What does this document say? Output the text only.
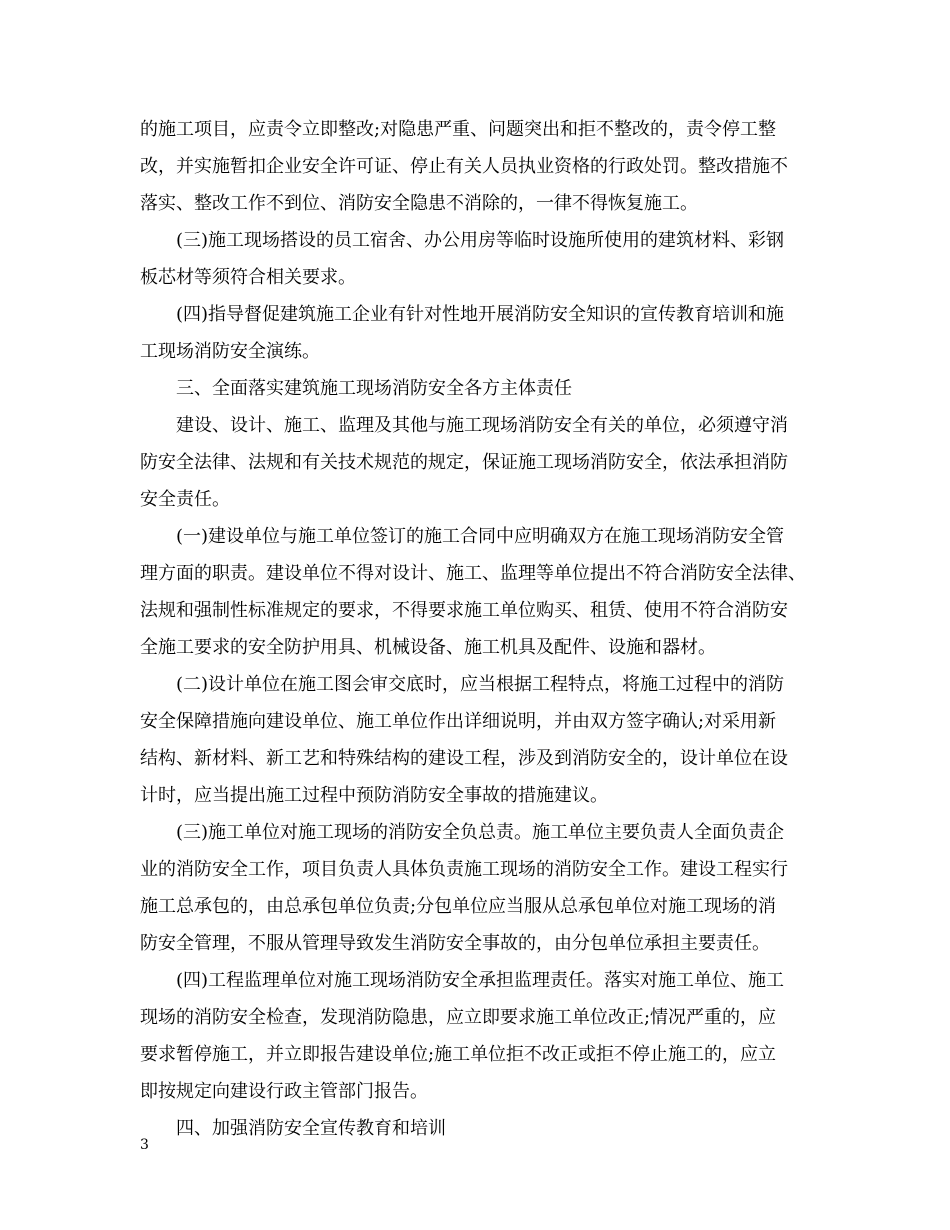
的施工项目，应责令立即整改;对隐患严重、问题突出和拒不整改的，责令停工整
改，并实施暂扣企业安全许可证、停止有关人员执业资格的行政处罚。整改措施不
落实、整改工作不到位、消防安全隐患不消除的，一律不得恢复施工。
(三)施工现场搭设的员工宿舍、办公用房等临时设施所使用的建筑材料、彩钢
板芯材等须符合相关要求。
(四)指导督促建筑施工企业有针对性地开展消防安全知识的宣传教育培训和施
工现场消防安全演练。
三、全面落实建筑施工现场消防安全各方主体责任
建设、设计、施工、监理及其他与施工现场消防安全有关的单位，必须遵守消
防安全法律、法规和有关技术规范的规定，保证施工现场消防安全，依法承担消防
安全责任。
(一)建设单位与施工单位签订的施工合同中应明确双方在施工现场消防安全管
理方面的职责。建设单位不得对设计、施工、监理等单位提出不符合消防安全法律、
法规和强制性标准规定的要求，不得要求施工单位购买、租赁、使用不符合消防安
全施工要求的安全防护用具、机械设备、施工机具及配件、设施和器材。
(二)设计单位在施工图会审交底时，应当根据工程特点，将施工过程中的消防
安全保障措施向建设单位、施工单位作出详细说明，并由双方签字确认;对采用新
结构、新材料、新工艺和特殊结构的建设工程，涉及到消防安全的，设计单位在设
计时，应当提出施工过程中预防消防安全事故的措施建议。
(三)施工单位对施工现场的消防安全负总责。施工单位主要负责人全面负责企
业的消防安全工作，项目负责人具体负责施工现场的消防安全工作。建设工程实行
施工总承包的，由总承包单位负责;分包单位应当服从总承包单位对施工现场的消
防安全管理，不服从管理导致发生消防安全事故的，由分包单位承担主要责任。
(四)工程监理单位对施工现场消防安全承担监理责任。落实对施工单位、施工
现场的消防安全检查，发现消防隐患，应立即要求施工单位改正;情况严重的，应
要求暂停施工，并立即报告建设单位;施工单位拒不改正或拒不停止施工的，应立
即按规定向建设行政主管部门报告。
四、加强消防安全宣传教育和培训
3
